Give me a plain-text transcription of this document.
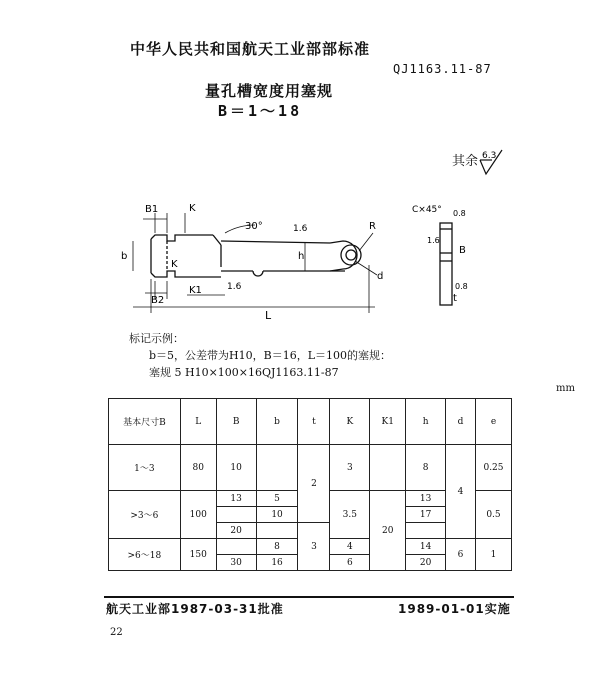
中华人民共和国航天工业部部标准
QJ1163.11-87
量孔槽宽度用塞规
B＝1～18
其余 6.3
B1	K
30°	1.6	R
b	h
K
B2
K1	1.6
d
L
C×45° 0.8
1.6
B
0.8
t
标记示例：
b＝5，公差带为H10，B＝16，L＝100的塞规：
塞规 5 H10×100×16QJ1163.11-87
mm
基本尺寸B	L	B	b	t	K	K1	h	d	e
1～3	80	10		2	3		8	4	0.25
>3～6	100	13	5		3.5	20	13		0.5
			10				17		
		20		3					
>6～18	150		8		4		14	6	1
		30	16		6		20		
航天工业部1987-03-31批准	1989-01-01实施
22
